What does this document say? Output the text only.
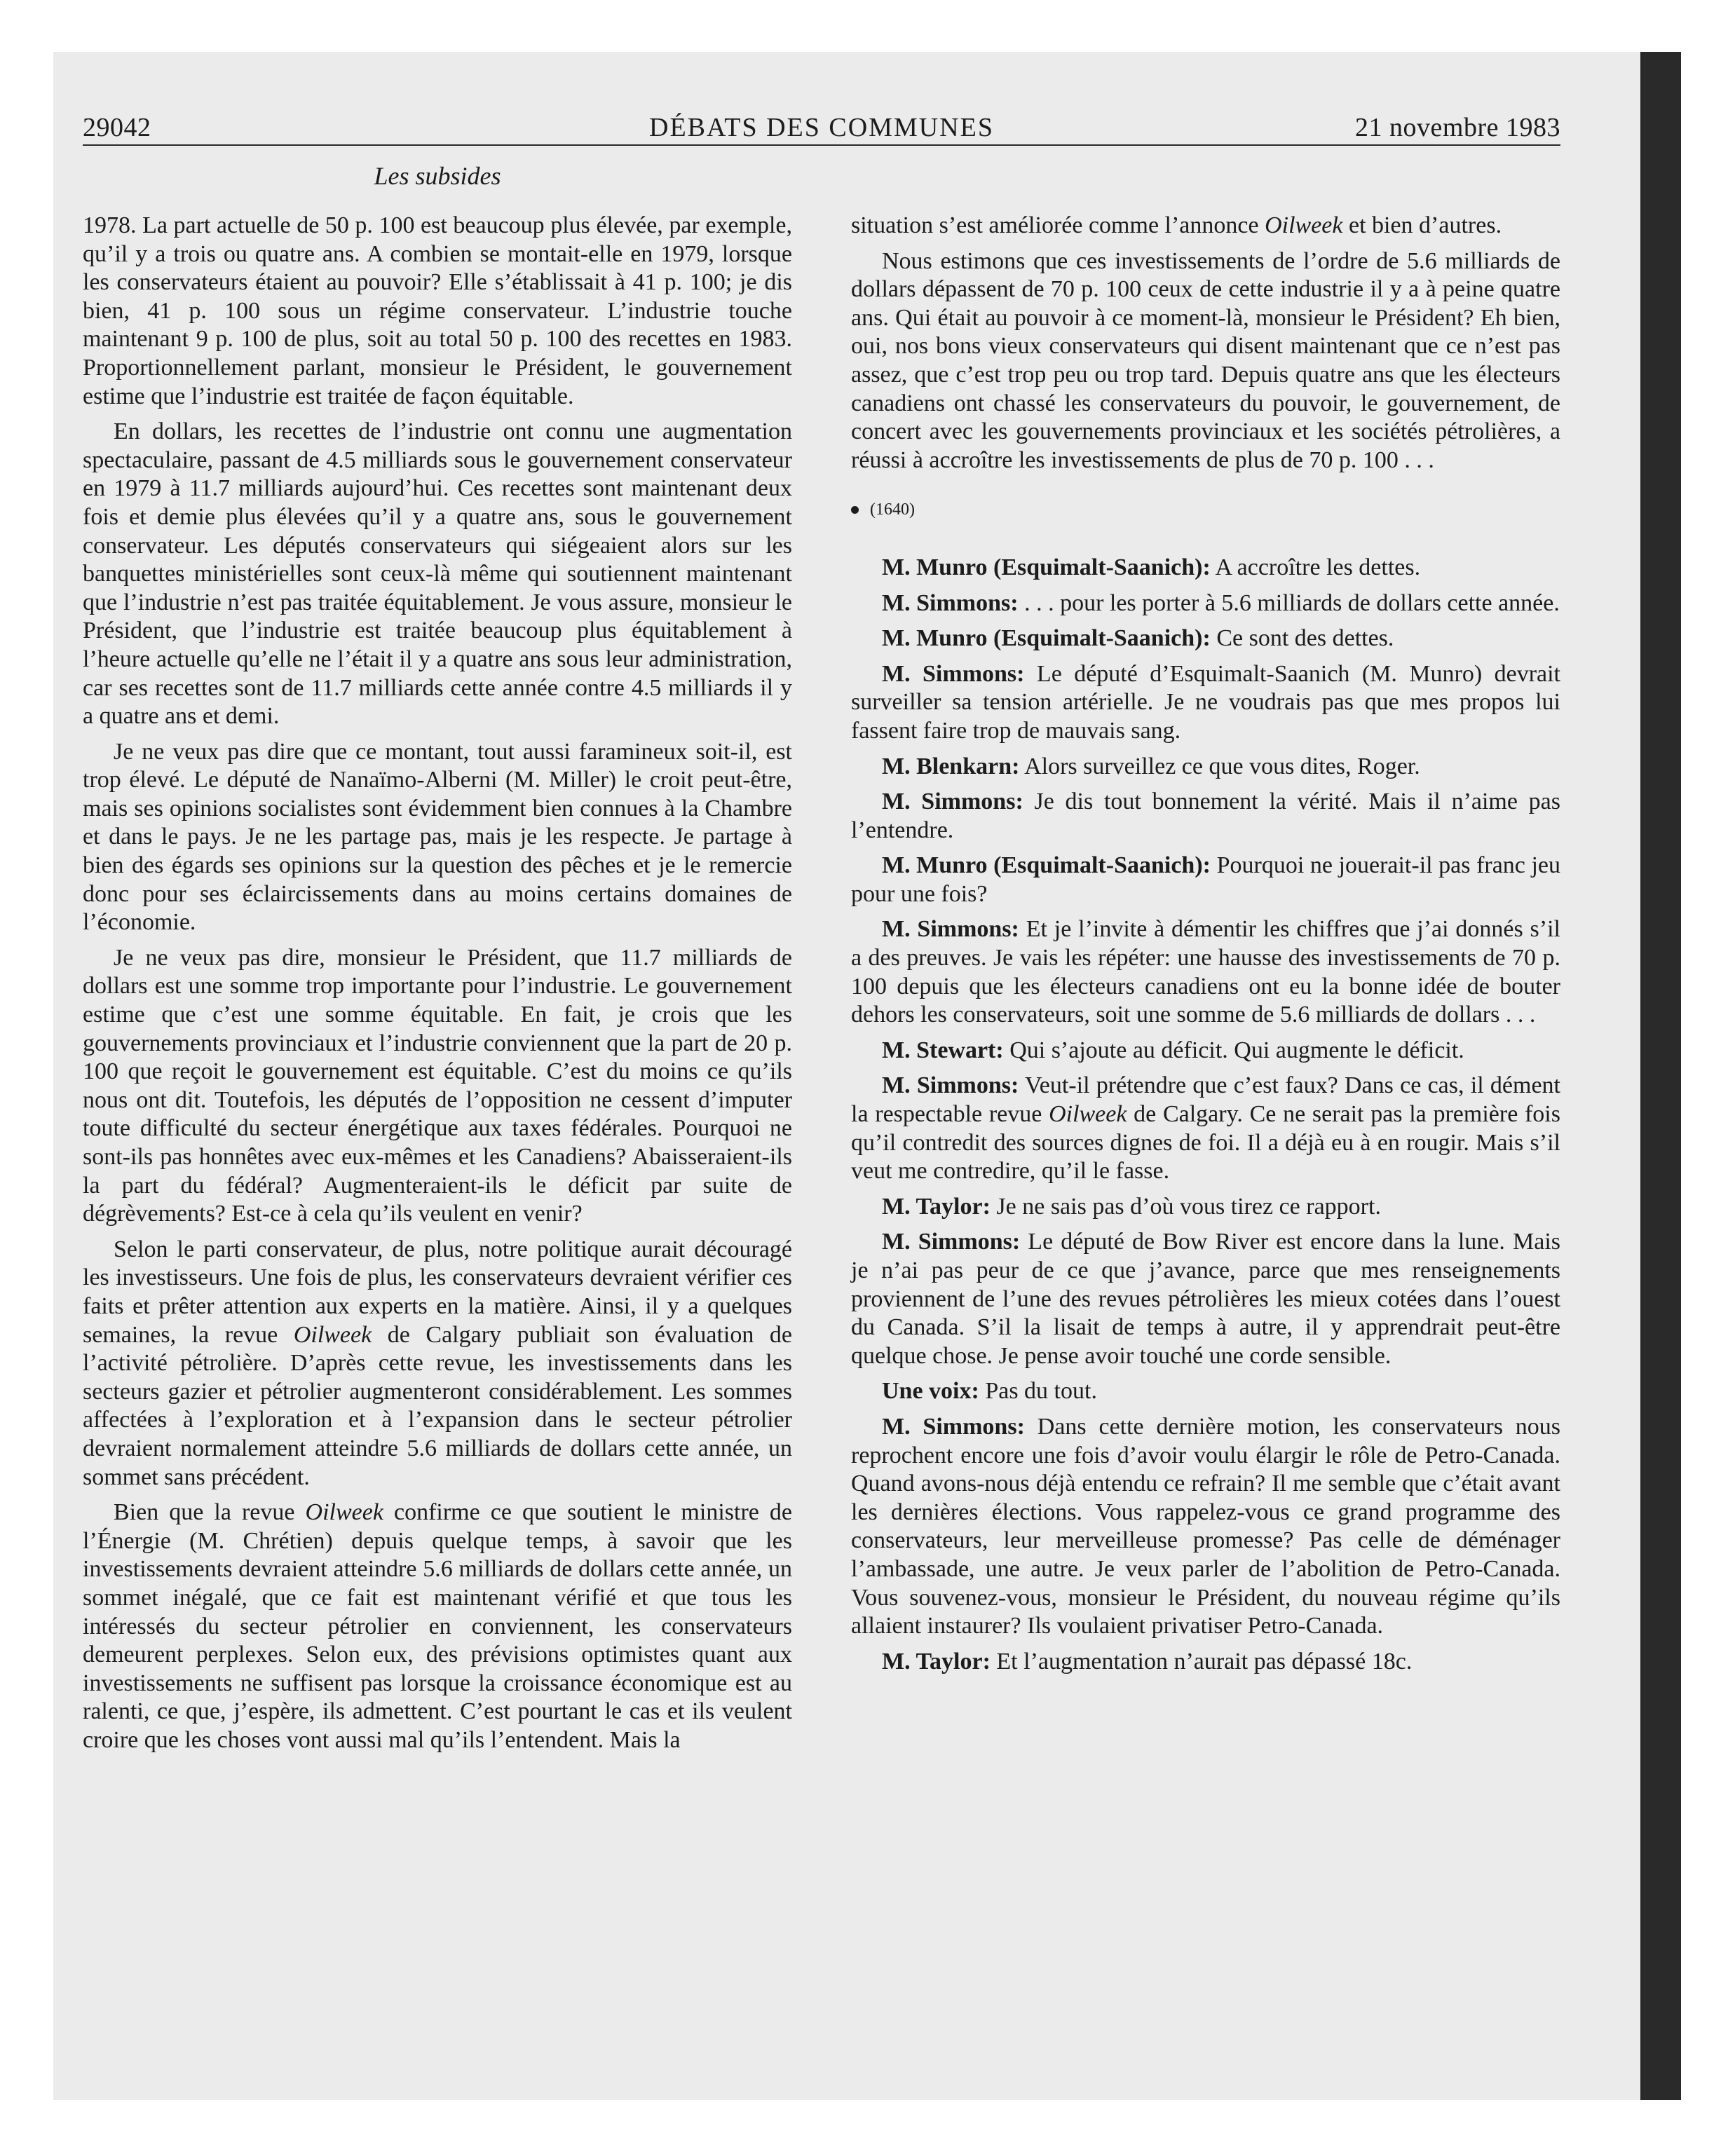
29042	DÉBATS DES COMMUNES	21 novembre 1983
Les subsides

1978. La part actuelle de 50 p. 100 est beaucoup plus élevée, par exemple, qu’il y a trois ou quatre ans. A combien se montait-elle en 1979, lorsque les conservateurs étaient au pouvoir? Elle s’établissait à 41 p. 100; je dis bien, 41 p. 100 sous un régime conservateur. L’industrie touche maintenant 9 p. 100 de plus, soit au total 50 p. 100 des recettes en 1983. Proportionnellement parlant, monsieur le Président, le gouvernement estime que l’industrie est traitée de façon équitable.

En dollars, les recettes de l’industrie ont connu une augmentation spectaculaire, passant de 4.5 milliards sous le gouvernement conservateur en 1979 à 11.7 milliards aujourd’hui. Ces recettes sont maintenant deux fois et demie plus élevées qu’il y a quatre ans, sous le gouvernement conservateur. Les députés conservateurs qui siégeaient alors sur les banquettes ministérielles sont ceux-là même qui soutiennent maintenant que l’industrie n’est pas traitée équitablement. Je vous assure, monsieur le Président, que l’industrie est traitée beaucoup plus équitablement à l’heure actuelle qu’elle ne l’était il y a quatre ans sous leur administration, car ses recettes sont de 11.7 milliards cette année contre 4.5 milliards il y a quatre ans et demi.

Je ne veux pas dire que ce montant, tout aussi faramineux soit-il, est trop élevé. Le député de Nanaïmo-Alberni (M. Miller) le croit peut-être, mais ses opinions socialistes sont évidemment bien connues à la Chambre et dans le pays. Je ne les partage pas, mais je les respecte. Je partage à bien des égards ses opinions sur la question des pêches et je le remercie donc pour ses éclaircissements dans au moins certains domaines de l’économie.

Je ne veux pas dire, monsieur le Président, que 11.7 milliards de dollars est une somme trop importante pour l’industrie. Le gouvernement estime que c’est une somme équitable. En fait, je crois que les gouvernements provinciaux et l’industrie conviennent que la part de 20 p. 100 que reçoit le gouvernement est équitable. C’est du moins ce qu’ils nous ont dit. Toutefois, les députés de l’opposition ne cessent d’imputer toute difficulté du secteur énergétique aux taxes fédérales. Pourquoi ne sont-ils pas honnêtes avec eux-mêmes et les Canadiens? Abaisseraient-ils la part du fédéral? Augmenteraient-ils le déficit par suite de dégrèvements? Est-ce à cela qu’ils veulent en venir?

Selon le parti conservateur, de plus, notre politique aurait découragé les investisseurs. Une fois de plus, les conservateurs devraient vérifier ces faits et prêter attention aux experts en la matière. Ainsi, il y a quelques semaines, la revue Oilweek de Calgary publiait son évaluation de l’activité pétrolière. D’après cette revue, les investissements dans les secteurs gazier et pétrolier augmenteront considérablement. Les sommes affectées à l’exploration et à l’expansion dans le secteur pétrolier devraient normalement atteindre 5.6 milliards de dollars cette année, un sommet sans précédent.

Bien que la revue Oilweek confirme ce que soutient le ministre de l’Énergie (M. Chrétien) depuis quelque temps, à savoir que les investissements devraient atteindre 5.6 milliards de dollars cette année, un sommet inégalé, que ce fait est maintenant vérifié et que tous les intéressés du secteur pétrolier en conviennent, les conservateurs demeurent perplexes. Selon eux, des prévisions optimistes quant aux investissements ne suffisent pas lorsque la croissance économique est au ralenti, ce que, j’espère, ils admettent. C’est pourtant le cas et ils veulent croire que les choses vont aussi mal qu’ils l’entendent. Mais la

situation s’est améliorée comme l’annonce Oilweek et bien d’autres.

Nous estimons que ces investissements de l’ordre de 5.6 milliards de dollars dépassent de 70 p. 100 ceux de cette industrie il y a à peine quatre ans. Qui était au pouvoir à ce moment-là, monsieur le Président? Eh bien, oui, nos bons vieux conservateurs qui disent maintenant que ce n’est pas assez, que c’est trop peu ou trop tard. Depuis quatre ans que les électeurs canadiens ont chassé les conservateurs du pouvoir, le gouvernement, de concert avec les gouvernements provinciaux et les sociétés pétrolières, a réussi à accroître les investissements de plus de 70 p. 100 . . .

(1640)

M. Munro (Esquimalt-Saanich): A accroître les dettes.

M. Simmons: . . . pour les porter à 5.6 milliards de dollars cette année.

M. Munro (Esquimalt-Saanich): Ce sont des dettes.

M. Simmons: Le député d’Esquimalt-Saanich (M. Munro) devrait surveiller sa tension artérielle. Je ne voudrais pas que mes propos lui fassent faire trop de mauvais sang.

M. Blenkarn: Alors surveillez ce que vous dites, Roger.

M. Simmons: Je dis tout bonnement la vérité. Mais il n’aime pas l’entendre.

M. Munro (Esquimalt-Saanich): Pourquoi ne jouerait-il pas franc jeu pour une fois?

M. Simmons: Et je l’invite à démentir les chiffres que j’ai donnés s’il a des preuves. Je vais les répéter: une hausse des investissements de 70 p. 100 depuis que les électeurs canadiens ont eu la bonne idée de bouter dehors les conservateurs, soit une somme de 5.6 milliards de dollars . . .

M. Stewart: Qui s’ajoute au déficit. Qui augmente le déficit.

M. Simmons: Veut-il prétendre que c’est faux? Dans ce cas, il dément la respectable revue Oilweek de Calgary. Ce ne serait pas la première fois qu’il contredit des sources dignes de foi. Il a déjà eu à en rougir. Mais s’il veut me contredire, qu’il le fasse.

M. Taylor: Je ne sais pas d’où vous tirez ce rapport.

M. Simmons: Le député de Bow River est encore dans la lune. Mais je n’ai pas peur de ce que j’avance, parce que mes renseignements proviennent de l’une des revues pétrolières les mieux cotées dans l’ouest du Canada. S’il la lisait de temps à autre, il y apprendrait peut-être quelque chose. Je pense avoir touché une corde sensible.

Une voix: Pas du tout.

M. Simmons: Dans cette dernière motion, les conservateurs nous reprochent encore une fois d’avoir voulu élargir le rôle de Petro-Canada. Quand avons-nous déjà entendu ce refrain? Il me semble que c’était avant les dernières élections. Vous rappelez-vous ce grand programme des conservateurs, leur merveilleuse promesse? Pas celle de déménager l’ambassade, une autre. Je veux parler de l’abolition de Petro-Canada. Vous souvenez-vous, monsieur le Président, du nouveau régime qu’ils allaient instaurer? Ils voulaient privatiser Petro-Canada.

M. Taylor: Et l’augmentation n’aurait pas dépassé 18c.
